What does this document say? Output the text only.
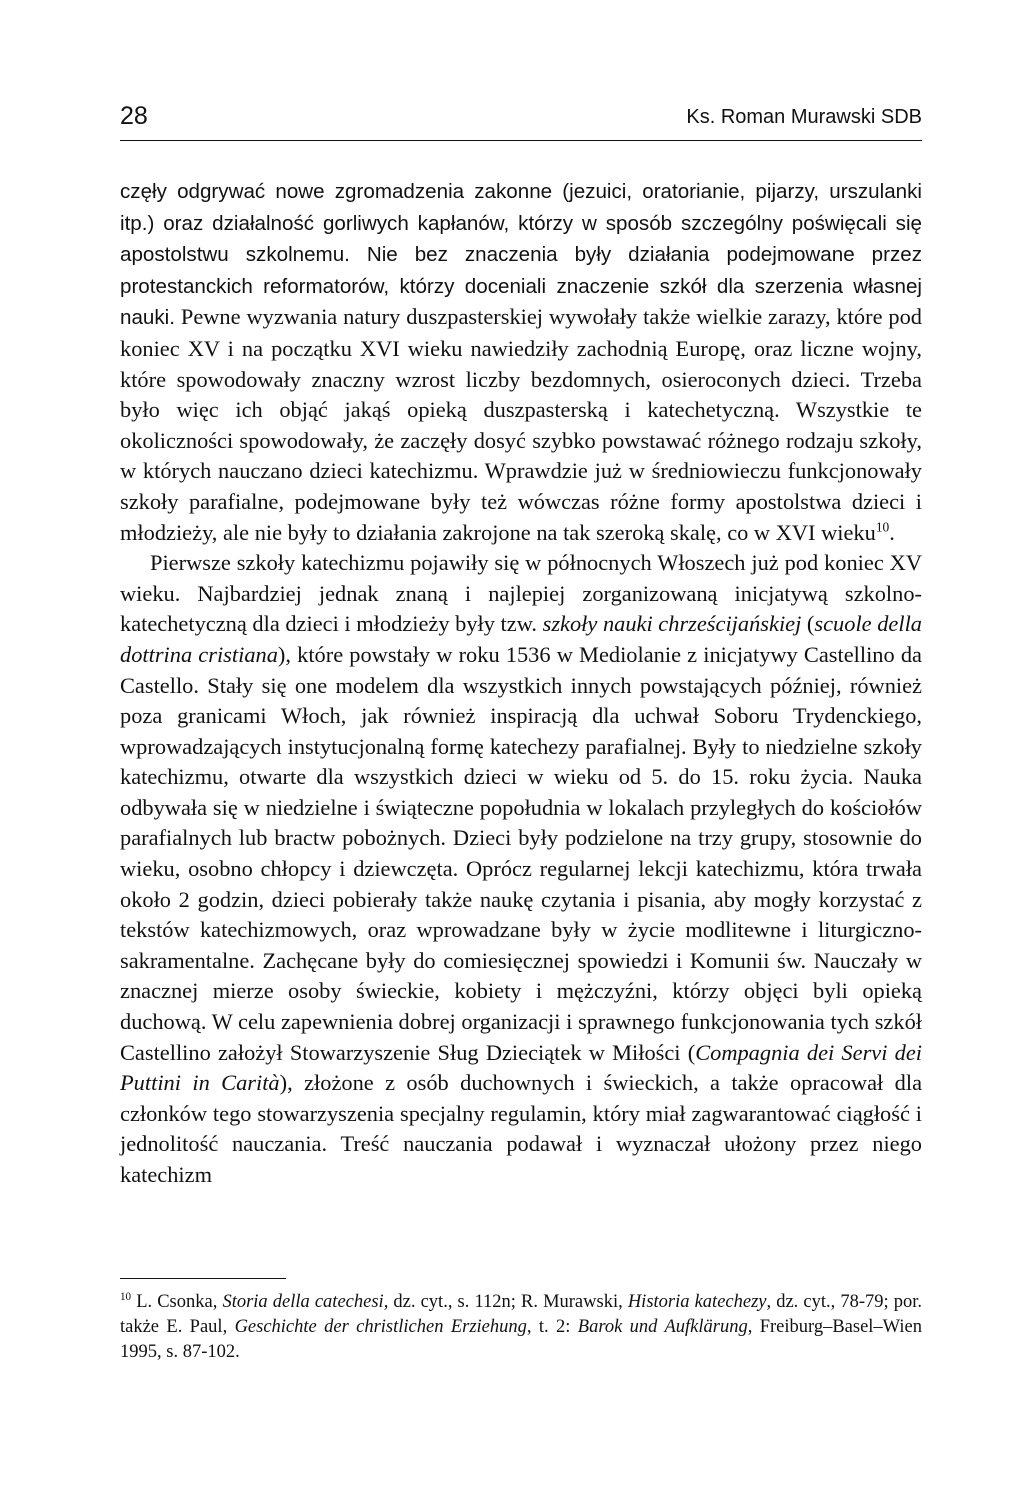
28	Ks. Roman Murawski SDB

częły odgrywać nowe zgromadzenia zakonne (jezuici, oratorianie, pijarzy, urszulanki itp.) oraz działalność gorliwych kapłanów, którzy w sposób szczególny poświęcali się apostolstwu szkolnemu. Nie bez znaczenia były działania podejmowane przez protestanckich reformatorów, którzy doceniali znaczenie szkół dla szerzenia własnej nauki. Pewne wyzwania natury duszpasterskiej wywołały także wielkie zarazy, które pod koniec XV i na początku XVI wieku nawiedziły zachodnią Europę, oraz liczne wojny, które spowodowały znaczny wzrost liczby bezdomnych, osieroconych dzieci. Trzeba było więc ich objąć jakąś opieką duszpasterską i katechetyczną. Wszystkie te okoliczności spowodowały, że zaczęły dosyć szybko powstawać różnego rodzaju szkoły, w których nauczano dzieci katechizmu. Wprawdzie już w średniowieczu funkcjonowały szkoły parafialne, podejmowane były też wówczas różne formy apostolstwa dzieci i młodzieży, ale nie były to działania zakrojone na tak szeroką skalę, co w XVI wieku$^{10}$.

Pierwsze szkoły katechizmu pojawiły się w północnych Włoszech już pod koniec XV wieku. Najbardziej jednak znaną i najlepiej zorganizowaną inicjatywą szkolno-katechetyczną dla dzieci i młodzieży były tzw. szkoły nauki chrześcijańskiej (scuole della dottrina cristiana), które powstały w roku 1536 w Mediolanie z inicjatywy Castellino da Castello. Stały się one modelem dla wszystkich innych powstających później, również poza granicami Włoch, jak również inspiracją dla uchwał Soboru Trydenckiego, wprowadzających instytucjonalną formę katechezy parafialnej. Były to niedzielne szkoły katechizmu, otwarte dla wszystkich dzieci w wieku od 5. do 15. roku życia. Nauka odbywała się w niedzielne i świąteczne popołudnia w lokalach przyległych do kościołów parafialnych lub bractw pobożnych. Dzieci były podzielone na trzy grupy, stosownie do wieku, osobno chłopcy i dziewczęta. Oprócz regularnej lekcji katechizmu, która trwała około 2 godzin, dzieci pobierały także naukę czytania i pisania, aby mogły korzystać z tekstów katechizmowych, oraz wprowadzane były w życie modlitewne i liturgiczno-sakramentalne. Zachęcane były do comiesięcznej spowiedzi i Komunii św. Nauczały w znacznej mierze osoby świeckie, kobiety i mężczyźni, którzy objęci byli opieką duchową. W celu zapewnienia dobrej organizacji i sprawnego funkcjonowania tych szkół Castellino założył Stowarzyszenie Sług Dzieciątek w Miłości (Compagnia dei Servi dei Puttini in Carità), złożone z osób duchownych i świeckich, a także opracował dla członków tego stowarzyszenia specjalny regulamin, który miał zagwarantować ciągłość i jednolitość nauczania. Treść nauczania podawał i wyznaczał ułożony przez niego katechizm

$^{10}$ L. Csonka, Storia della catechesi, dz. cyt., s. 112n; R. Murawski, Historia katechezy, dz. cyt., 78-79; por. także E. Paul, Geschichte der christlichen Erziehung, t. 2: Barok und Aufklärung, Freiburg–Basel–Wien 1995, s. 87-102.
